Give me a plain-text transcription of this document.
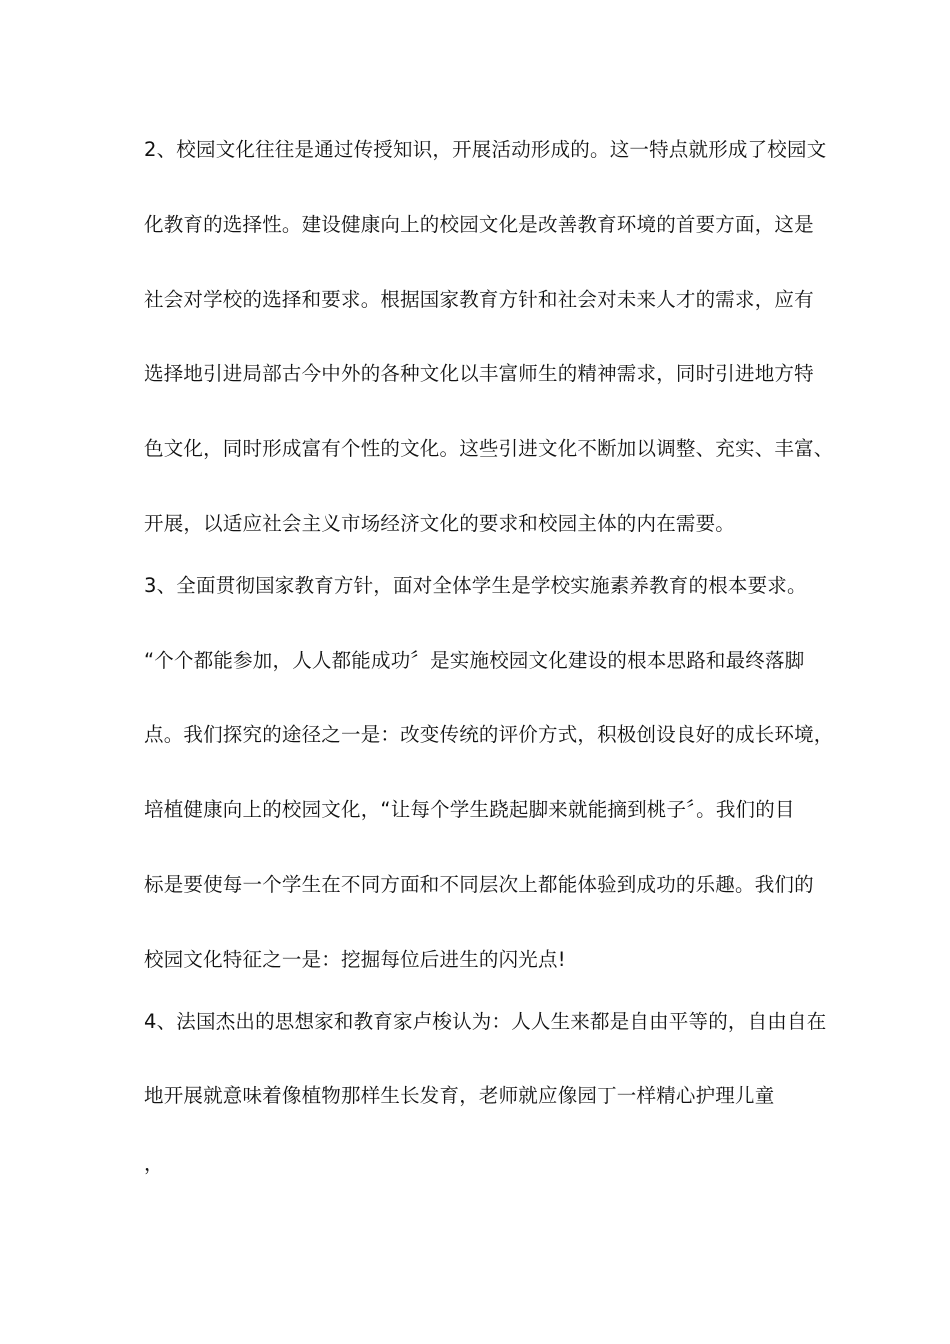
2、校园文化往往是通过传授知识，开展活动形成的。这一特点就形成了校园文
化教育的选择性。建设健康向上的校园文化是改善教育环境的首要方面，这是
社会对学校的选择和要求。根据国家教育方针和社会对未来人才的需求，应有
选择地引进局部古今中外的各种文化以丰富师生的精神需求，同时引进地方特
色文化，同时形成富有个性的文化。这些引进文化不断加以调整、充实、丰富、
开展，以适应社会主义市场经济文化的要求和校园主体的内在需要。
3、全面贯彻国家教育方针，面对全体学生是学校实施素养教育的根本要求。
“个个都能参加，人人都能成功〞是实施校园文化建设的根本思路和最终落脚
点。我们探究的途径之一是：改变传统的评价方式，积极创设良好的成长环境，
培植健康向上的校园文化，“让每个学生跷起脚来就能摘到桃子〞。我们的目
标是要使每一个学生在不同方面和不同层次上都能体验到成功的乐趣。我们的
校园文化特征之一是：挖掘每位后进生的闪光点!
4、法国杰出的思想家和教育家卢梭认为：人人生来都是自由平等的，自由自在
地开展就意味着像植物那样生长发育，老师就应像园丁一样精心护理儿童
，
